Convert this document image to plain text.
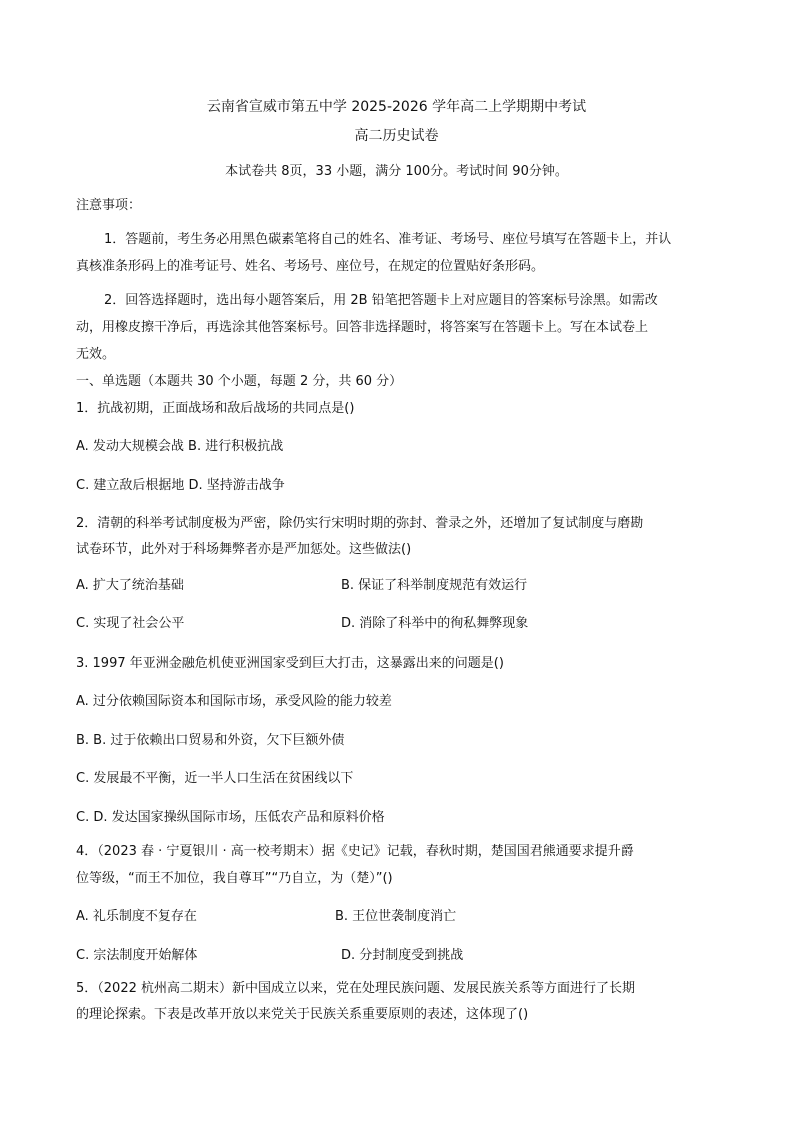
云南省宣威市第五中学 2025-2026 学年高二上学期期中考试
高二历史试卷
本试卷共 8页，33 小题，满分 100分。考试时间 90分钟。
注意事项：
1．答题前，考生务必用黑色碳素笔将自己的姓名、准考证、考场号、座位号填写在答题卡上，并认
真核准条形码上的准考证号、姓名、考场号、座位号，在规定的位置贴好条形码。
2．回答选择题时，选出每小题答案后，用 2B 铅笔把答题卡上对应题目的答案标号涂黑。如需改
动，用橡皮擦干净后，再选涂其他答案标号。回答非选择题时，将答案写在答题卡上。写在本试卷上
无效。
一、单选题（本题共 30 个小题，每题 2 分，共 60 分）
1．抗战初期，正面战场和敌后战场的共同点是()
A. 发动大规模会战 B. 进行积极抗战
C. 建立敌后根据地 D. 坚持游击战争
2．清朝的科举考试制度极为严密，除仍实行宋明时期的弥封、誊录之外，还增加了复试制度与磨勘
试卷环节，此外对于科场舞弊者亦是严加惩处。这些做法()
A. 扩大了统治基础	B. 保证了科举制度规范有效运行
C. 实现了社会公平	D. 消除了科举中的徇私舞弊现象
3. 1997 年亚洲金融危机使亚洲国家受到巨大打击，这暴露出来的问题是()
A. 过分依赖国际资本和国际市场，承受风险的能力较差
B. B. 过于依赖出口贸易和外资，欠下巨额外债
C. 发展最不平衡，近一半人口生活在贫困线以下
C. D. 发达国家操纵国际市场，压低农产品和原料价格
4．（2023 春 · 宁夏银川 · 高一校考期末）据《史记》记载，春秋时期，楚国国君熊通要求提升爵
位等级，“而王不加位，我自尊耳”“乃自立，为（楚）”()
A. 礼乐制度不复存在	B. 王位世袭制度消亡
C. 宗法制度开始解体	D. 分封制度受到挑战
5．（2022 杭州高二期末）新中国成立以来，党在处理民族问题、发展民族关系等方面进行了长期
的理论探索。下表是改革开放以来党关于民族关系重要原则的表述，这体现了()
